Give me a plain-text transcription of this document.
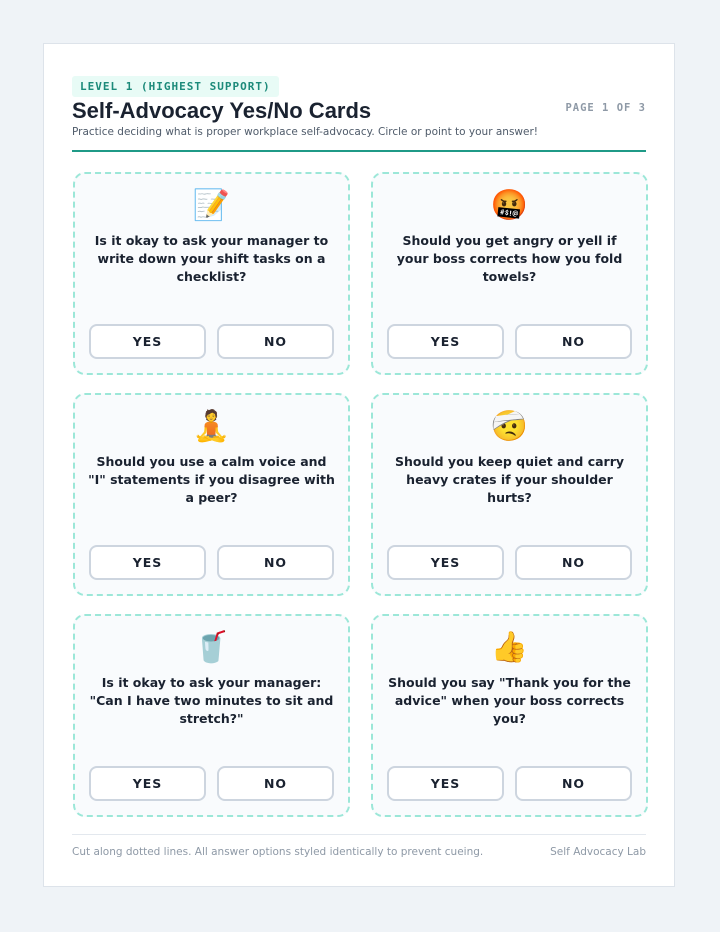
LEVEL 1 (HIGHEST SUPPORT)
Self-Advocacy Yes/No Cards	PAGE 1 OF 3
Practice deciding what is proper workplace self-advocacy. Circle or point to your answer!
📝
Is it okay to ask your manager to write down your shift tasks on a checklist?
YES	NO
🤬
Should you get angry or yell if your boss corrects how you fold towels?
YES	NO
🧘
Should you use a calm voice and "I" statements if you disagree with a peer?
YES	NO
🤕
Should you keep quiet and carry heavy crates if your shoulder hurts?
YES	NO
🥤
Is it okay to ask your manager: "Can I have two minutes to sit and stretch?"
YES	NO
👍
Should you say "Thank you for the advice" when your boss corrects you?
YES	NO
Cut along dotted lines. All answer options styled identically to prevent cueing.	Self Advocacy Lab
